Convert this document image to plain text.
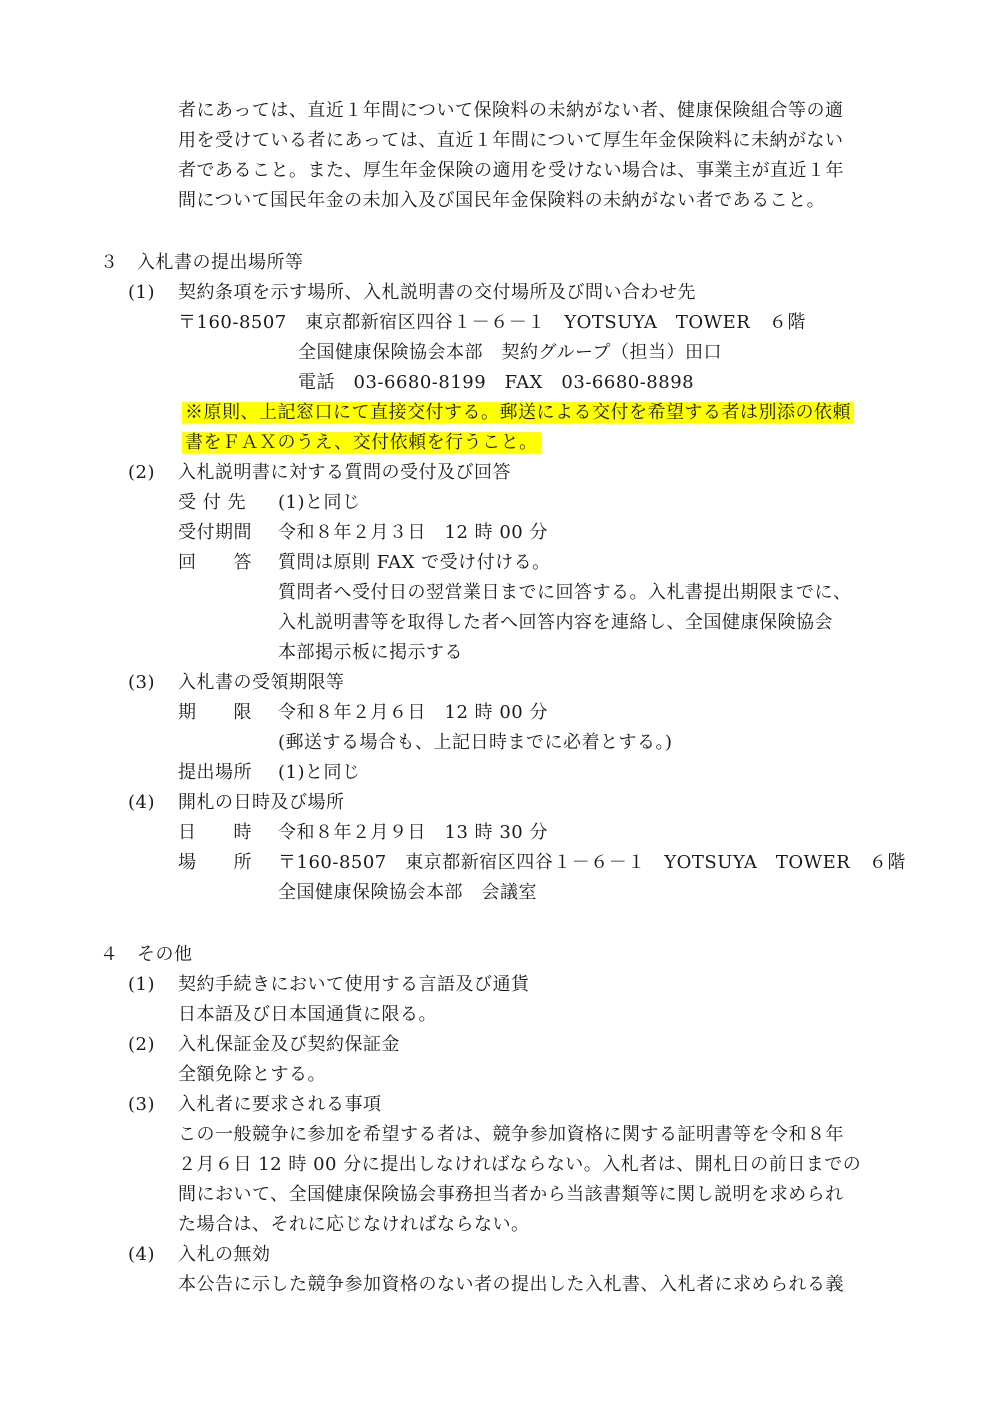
者にあっては、直近１年間について保険料の未納がない者、健康保険組合等の適
用を受けている者にあっては、直近１年間について厚生年金保険料に未納がない
者であること。また、厚生年金保険の適用を受けない場合は、事業主が直近１年
間について国民年金の未加入及び国民年金保険料の未納がない者であること。
３　入札書の提出場所等
(1) 契約条項を示す場所、入札説明書の交付場所及び問い合わせ先
〒160-8507　東京都新宿区四谷１－６－１　YOTSUYA　TOWER　６階
全国健康保険協会本部　契約グループ（担当）田口
電話　03-6680-8199　FAX　03-6680-8898
※原則、上記窓口にて直接交付する。郵送による交付を希望する者は別添の依頼
書をＦＡＸのうえ、交付依頼を行うこと。
(2) 入札説明書に対する質問の受付及び回答
受 付 先 (1)と同じ
受付期間 令和８年２月３日　12 時 00 分
回　　答 質問は原則 FAX で受け付ける。
質問者へ受付日の翌営業日までに回答する。入札書提出期限までに、
入札説明書等を取得した者へ回答内容を連絡し、全国健康保険協会
本部掲示板に掲示する
(3) 入札書の受領期限等
期　　限 令和８年２月６日　12 時 00 分
(郵送する場合も、上記日時までに必着とする。)
提出場所 (1)と同じ
(4) 開札の日時及び場所
日　　時 令和８年２月９日　13 時 30 分
場　　所 〒160-8507　東京都新宿区四谷１－６－１　YOTSUYA　TOWER　６階
全国健康保険協会本部　会議室
４　その他
(1) 契約手続きにおいて使用する言語及び通貨
日本語及び日本国通貨に限る。
(2) 入札保証金及び契約保証金
全額免除とする。
(3) 入札者に要求される事項
この一般競争に参加を希望する者は、競争参加資格に関する証明書等を令和８年
２月６日 12 時 00 分に提出しなければならない。入札者は、開札日の前日までの
間において、全国健康保険協会事務担当者から当該書類等に関し説明を求められ
た場合は、それに応じなければならない。
(4) 入札の無効
本公告に示した競争参加資格のない者の提出した入札書、入札者に求められる義
